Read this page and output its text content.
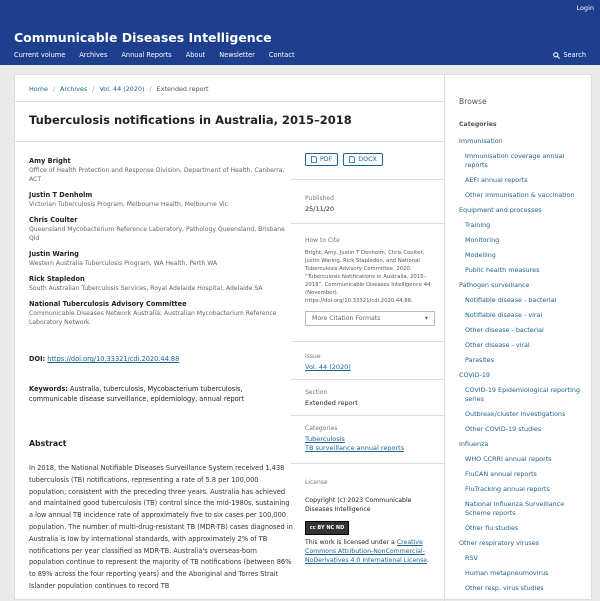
Login
Communicable Diseases Intelligence
Current volume Archives Annual Reports About Newsletter Contact	Search
Home / Archives / Vol. 44 (2020) / Extended report
Tuberculosis notifications in Australia, 2015–2018
Amy Bright
Office of Health Protection and Response Division, Department of Health, Canberra, ACT
Justin T Denholm
Victorian Tuberculosis Program, Melbourne Health, Melbourne Vic
Chris Coulter
Queensland Mycobacterium Reference Laboratory, Pathology Queensland, Brisbane Qld
Justin Waring
Western Australia Tuberculosis Program, WA Health, Perth WA
Rick Stapledon
South Australian Tuberculosis Services, Royal Adelaide Hospital, Adelaide SA
National Tuberculosis Advisory Committee
Communicable Diseases Network Australia; Australian Mycobacterium Reference Laboratory Network
DOI: https://doi.org/10.33321/cdi.2020.44.88
Keywords: Australia, tuberculosis, Mycobacterium tuberculosis, communicable disease surveillance, epidemiology, annual report
Abstract

In 2018, the National Notifiable Diseases Surveillance System received 1,438 tuberculosis (TB) notifications, representing a rate of 5.8 per 100,000 population, consistent with the preceding three years. Australia has achieved and maintained good tuberculosis (TB) control since the mid-1980s, sustaining a low annual TB incidence rate of approximately five to six cases per 100,000 population. The number of multi-drug-resistant TB (MDR-TB) cases diagnosed in Australia is low by international standards, with approximately 2% of TB notifications per year classified as MDR-TB. Australia's overseas-born population continue to represent the majority of TB notifications (between 86% to 89% across the four reporting years) and the Aboriginal and Torres Strait Islander population continues to record TB

PDF	DOCX
Published
25/11/20
How to Cite
Bright, Amy, Justin T Denholm, Chris Coulter, Justin Waring, Rick Stapledon, and National Tuberculosis Advisory Committee. 2020. “Tuberculosis Notifications in Australia, 2015–2018”. Communicable Diseases Intelligence 44 (November). https://doi.org/10.33321/cdi.2020.44.88.
More Citation Formats	▾
Issue
Vol. 44 (2020)
Section
Extended report
Categories
Tuberculosis
TB surveillance annual reports
License
Copyright (c) 2023 Communicable Diseases Intelligence
cc BY NC ND
This work is licensed under a Creative Commons Attribution-NonCommercial-NoDerivatives 4.0 International License.
Browse
Categories
Immunisation
Immunisation coverage annual reports
AEFI annual reports
Other immunisation & vaccination
Equipment and processes
Training
Monitoring
Modelling
Public health measures
Pathogen surveillance
Notifiable disease - bacterial
Notifiable disease - viral
Other disease - bacterial
Other disease - viral
Parasites
COVID-19
COVID-19 Epidemiological reporting series
Outbreak/cluster investigations
Other COVID-19 studies
Influenza
WHO CCRRI annual reports
FluCAN annual reports
FluTracking annual reports
National Influenza Surveillance Scheme reports
Other flu studies
Other respiratory viruses
RSV
Human metapneumovirus
Other resp. virus studies
